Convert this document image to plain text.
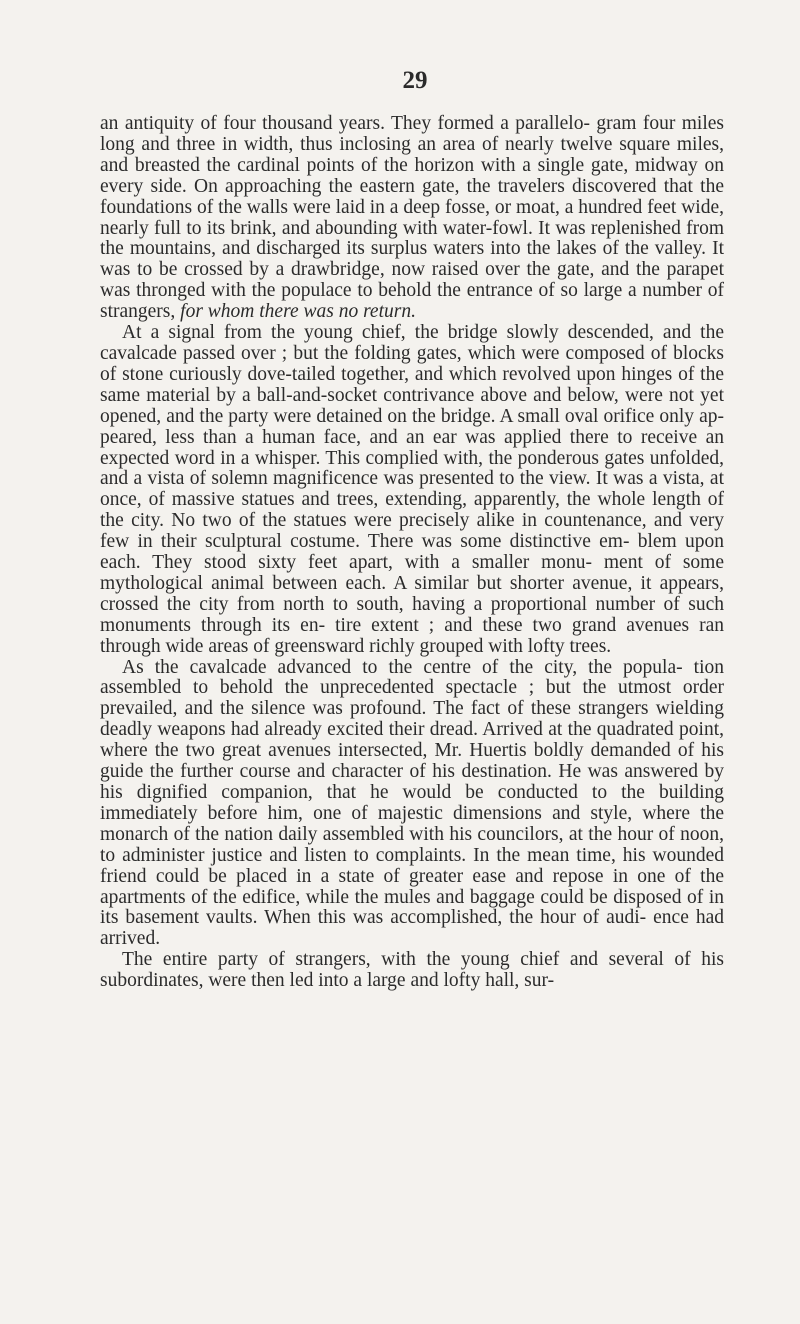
29

an antiquity of four thousand years. They formed a parallelo- gram four miles long and three in width, thus inclosing an area of nearly twelve square miles, and breasted the cardinal points of the horizon with a single gate, midway on every side. On approaching the eastern gate, the travelers discovered that the foundations of the walls were laid in a deep fosse, or moat, a hundred feet wide, nearly full to its brink, and abounding with water-fowl. It was replenished from the mountains, and discharged its surplus waters into the lakes of the valley. It was to be crossed by a drawbridge, now raised over the gate, and the parapet was thronged with the populace to behold the entrance of so large a number of strangers, for whom there was no return.

At a signal from the young chief, the bridge slowly descended, and the cavalcade passed over ; but the folding gates, which were composed of blocks of stone curiously dove-tailed together, and which revolved upon hinges of the same material by a ball-and-socket contrivance above and below, were not yet opened, and the party were detained on the bridge. A small oval orifice only ap- peared, less than a human face, and an ear was applied there to receive an expected word in a whisper. This complied with, the ponderous gates unfolded, and a vista of solemn magnificence was presented to the view. It was a vista, at once, of massive statues and trees, extending, apparently, the whole length of the city. No two of the statues were precisely alike in countenance, and very few in their sculptural costume. There was some distinctive em- blem upon each. They stood sixty feet apart, with a smaller monu- ment of some mythological animal between each. A similar but shorter avenue, it appears, crossed the city from north to south, having a proportional number of such monuments through its en- tire extent ; and these two grand avenues ran through wide areas of greensward richly grouped with lofty trees.

As the cavalcade advanced to the centre of the city, the popula- tion assembled to behold the unprecedented spectacle ; but the utmost order prevailed, and the silence was profound. The fact of these strangers wielding deadly weapons had already excited their dread. Arrived at the quadrated point, where the two great avenues intersected, Mr. Huertis boldly demanded of his guide the further course and character of his destination. He was answered by his dignified companion, that he would be conducted to the building immediately before him, one of majestic dimensions and style, where the monarch of the nation daily assembled with his councilors, at the hour of noon, to administer justice and listen to complaints. In the mean time, his wounded friend could be placed in a state of greater ease and repose in one of the apartments of the edifice, while the mules and baggage could be disposed of in its basement vaults. When this was accomplished, the hour of audi- ence had arrived.

The entire party of strangers, with the young chief and several of his subordinates, were then led into a large and lofty hall, sur-
